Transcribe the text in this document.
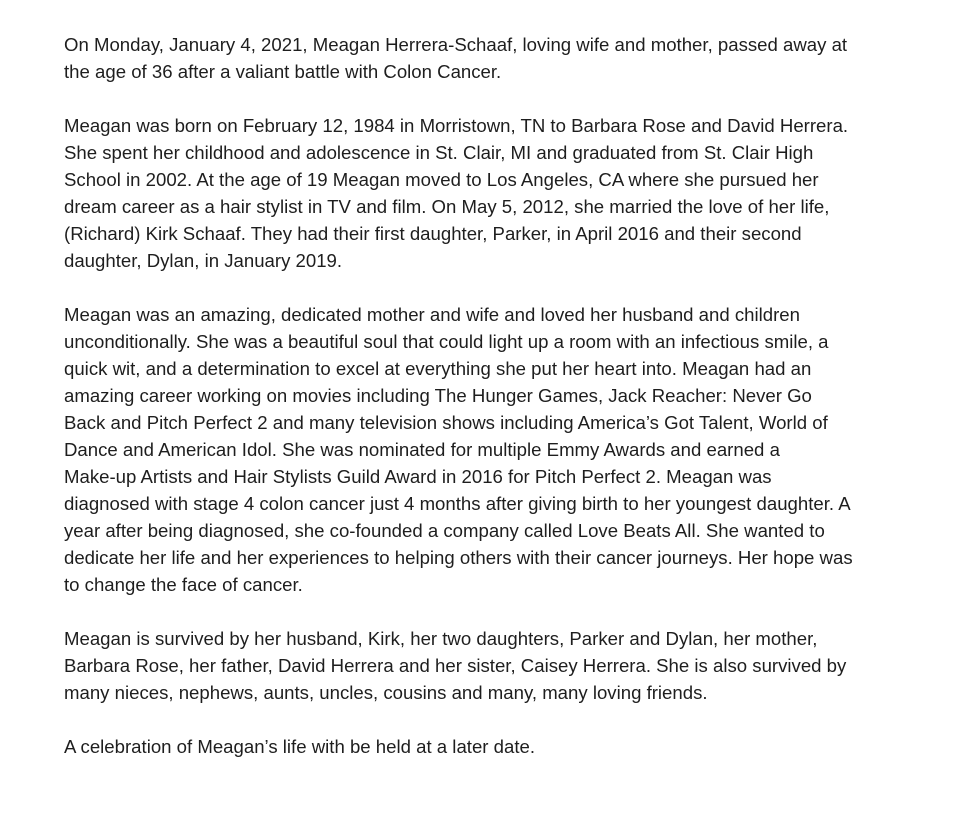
On Monday, January 4, 2021, Meagan Herrera-Schaaf, loving wife and mother, passed away at
the age of 36 after a valiant battle with Colon Cancer.

Meagan was born on February 12, 1984 in Morristown, TN to Barbara Rose and David Herrera.
She spent her childhood and adolescence in St. Clair, MI and graduated from St. Clair High
School in 2002. At the age of 19 Meagan moved to Los Angeles, CA where she pursued her
dream career as a hair stylist in TV and film. On May 5, 2012, she married the love of her life,
(Richard) Kirk Schaaf. They had their first daughter, Parker, in April 2016 and their second
daughter, Dylan, in January 2019.

Meagan was an amazing, dedicated mother and wife and loved her husband and children
unconditionally. She was a beautiful soul that could light up a room with an infectious smile, a
quick wit, and a determination to excel at everything she put her heart into. Meagan had an
amazing career working on movies including The Hunger Games, Jack Reacher: Never Go
Back and Pitch Perfect 2 and many television shows including America’s Got Talent, World of
Dance and American Idol. She was nominated for multiple Emmy Awards and earned a
Make-up Artists and Hair Stylists Guild Award in 2016 for Pitch Perfect 2. Meagan was
diagnosed with stage 4 colon cancer just 4 months after giving birth to her youngest daughter. A
year after being diagnosed, she co-founded a company called Love Beats All. She wanted to
dedicate her life and her experiences to helping others with their cancer journeys. Her hope was
to change the face of cancer.

Meagan is survived by her husband, Kirk, her two daughters, Parker and Dylan, her mother,
Barbara Rose, her father, David Herrera and her sister, Caisey Herrera. She is also survived by
many nieces, nephews, aunts, uncles, cousins and many, many loving friends.

A celebration of Meagan’s life with be held at a later date.
